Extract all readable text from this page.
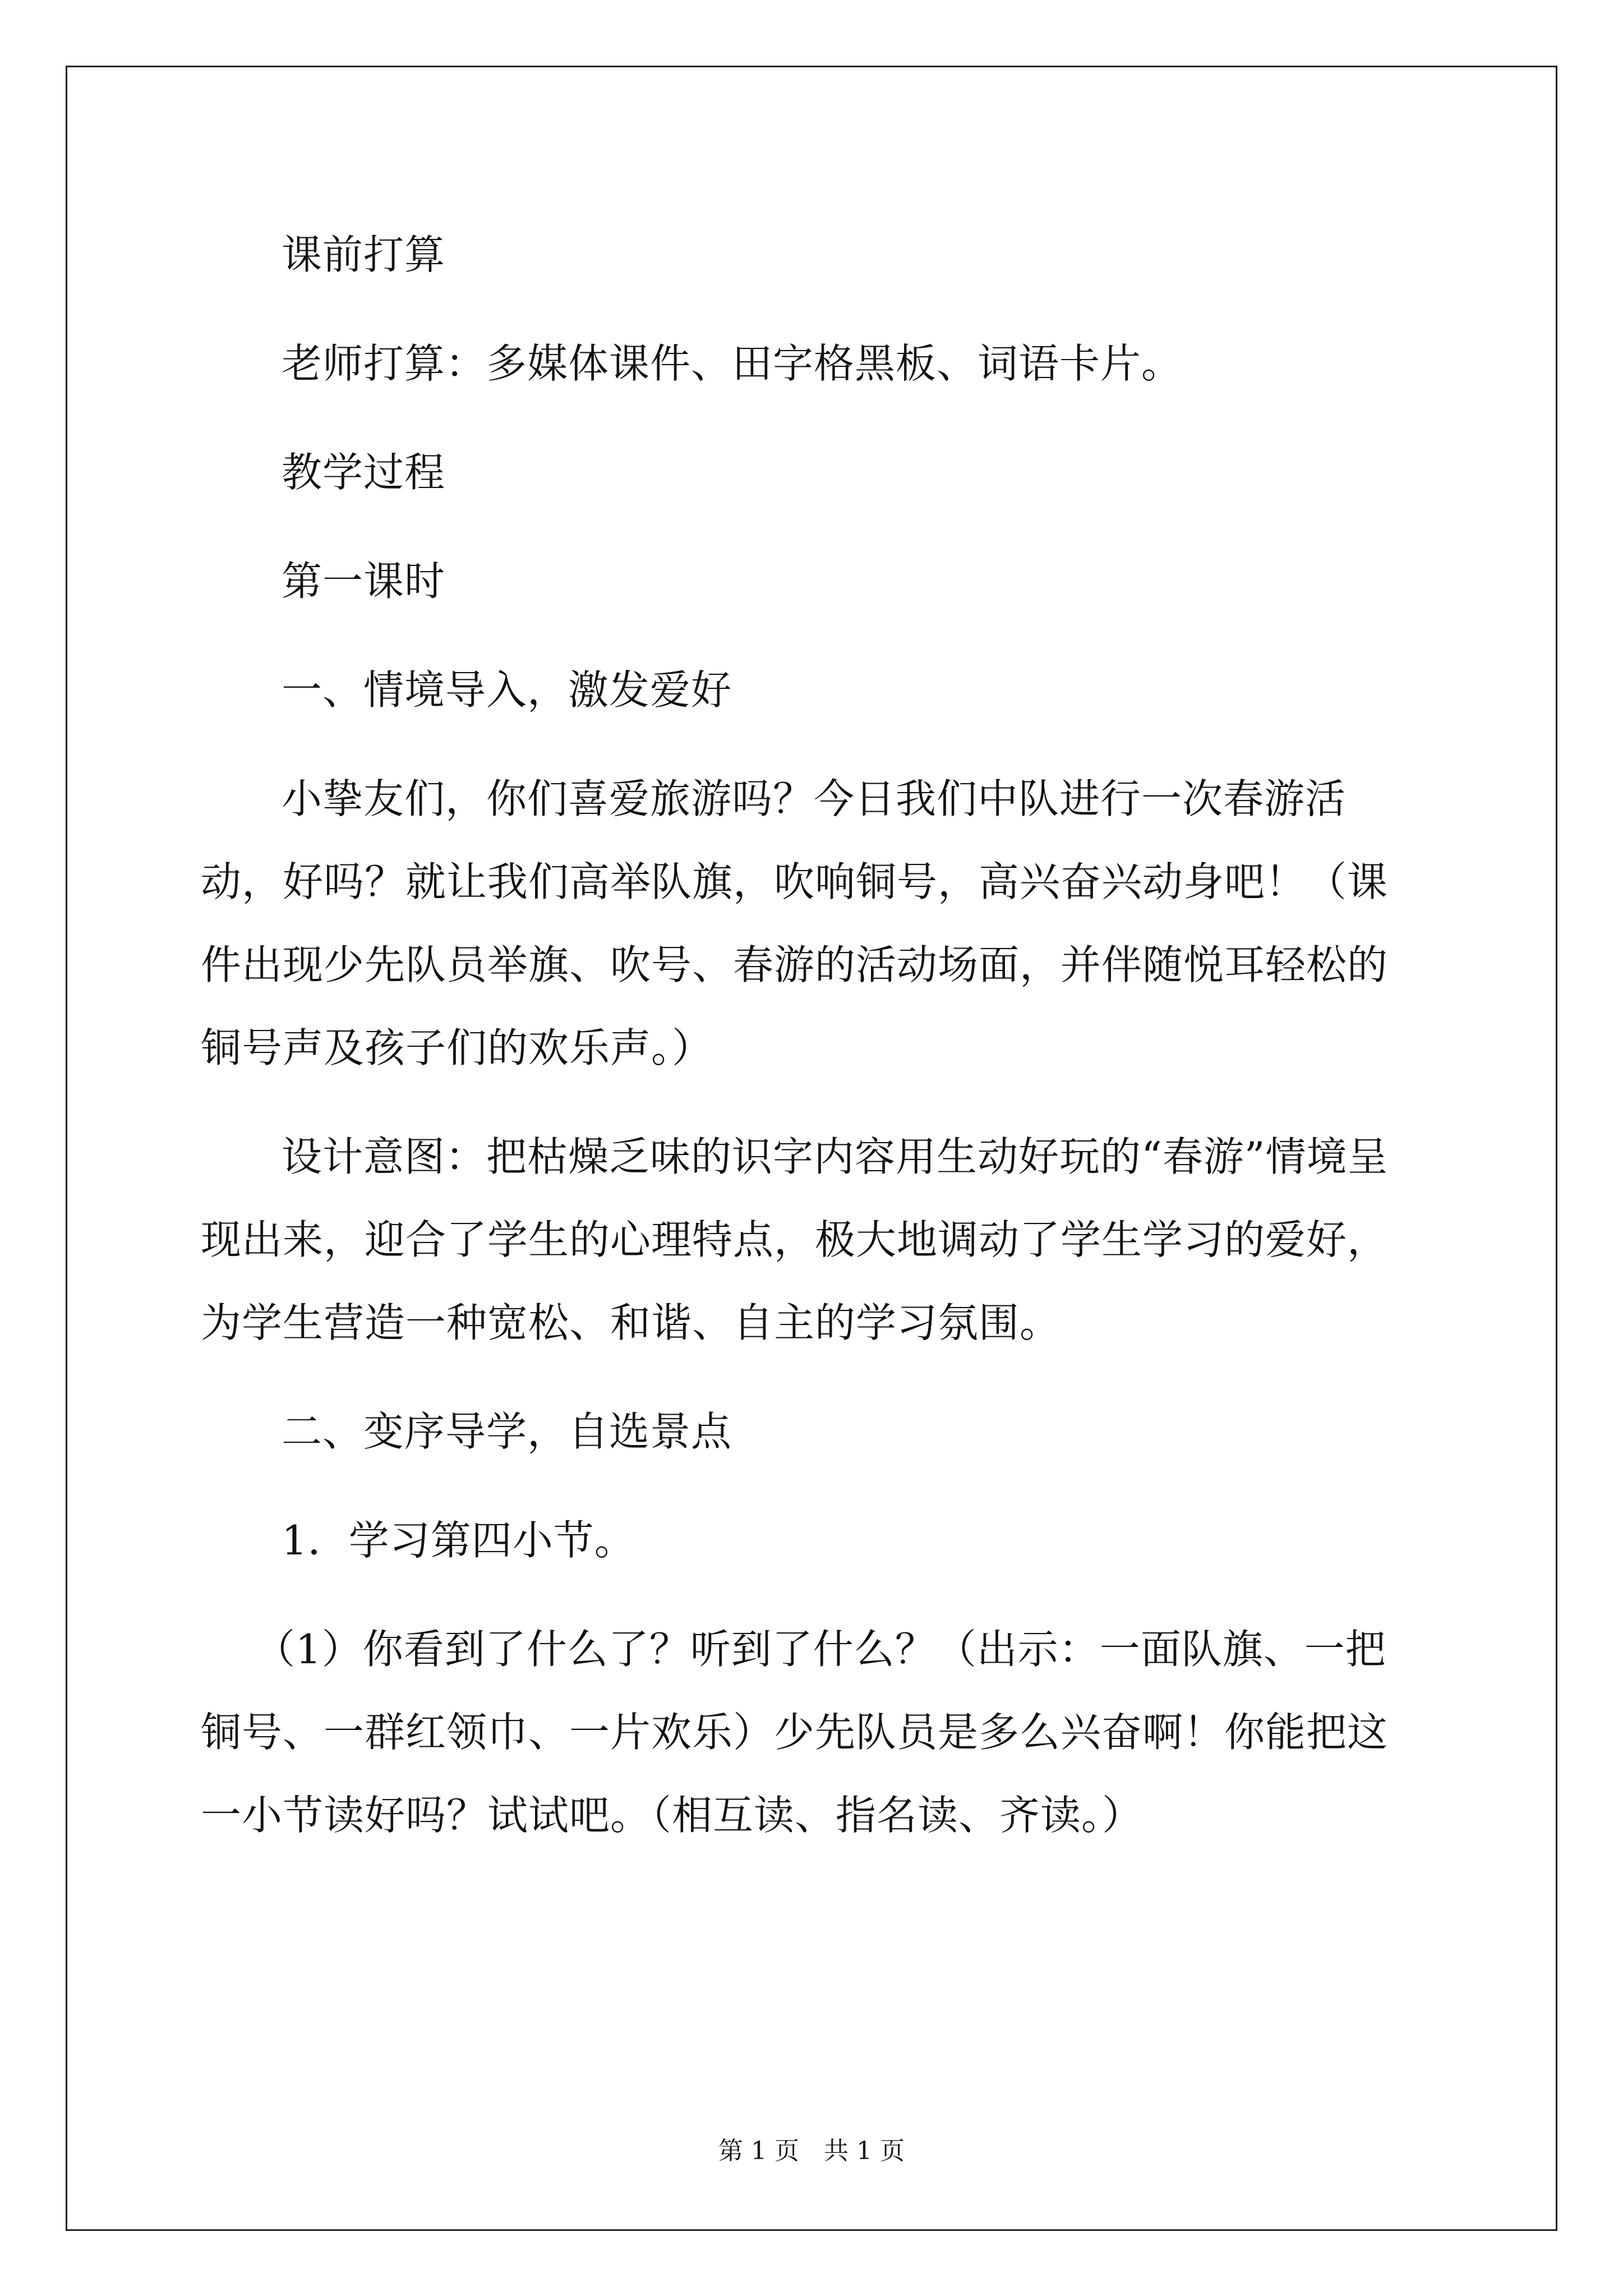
课前打算

老师打算：多媒体课件、田字格黑板、词语卡片。

教学过程

第一课时

一、情境导入，激发爱好

小挚友们，你们喜爱旅游吗？今日我们中队进行一次春游活动，好吗？就让我们高举队旗，吹响铜号，高兴奋兴动身吧！（课件出现少先队员举旗、吹号、春游的活动场面，并伴随悦耳轻松的铜号声及孩子们的欢乐声。）

设计意图：把枯燥乏味的识字内容用生动好玩的“春游”情境呈现出来，迎合了学生的心理特点，极大地调动了学生学习的爱好，为学生营造一种宽松、和谐、自主的学习氛围。

二、变序导学，自选景点

1．学习第四小节。

（1）你看到了什么了？听到了什么？（出示：一面队旗、一把铜号、一群红领巾、一片欢乐）少先队员是多么兴奋啊！你能把这一小节读好吗？试试吧。（相互读、指名读、齐读。）

第 1 页　共 1 页
